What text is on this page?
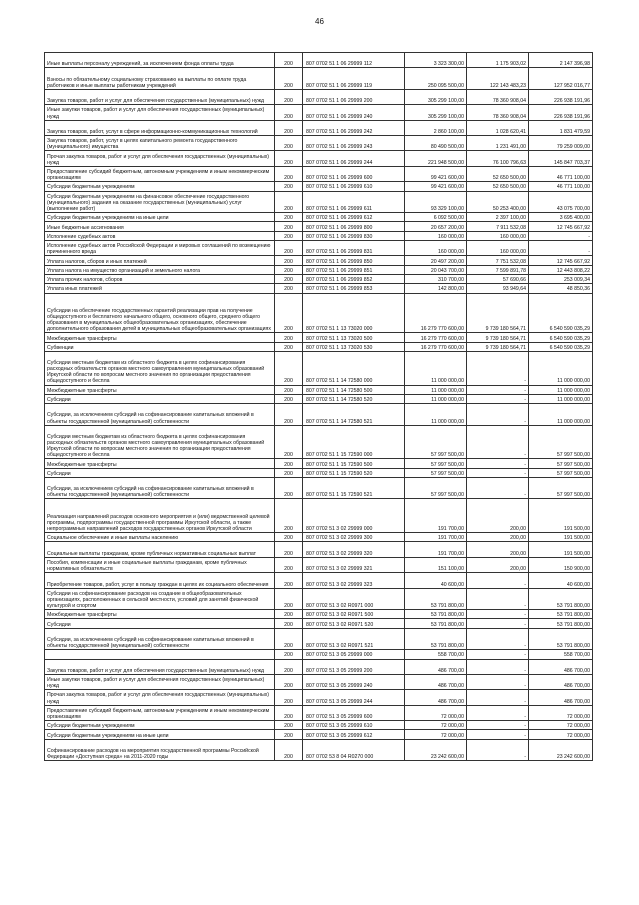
46
Иные выплаты персоналу учреждений, за исключением фонда оплаты труда	200	807 0702 51 1 06 29999 112	3 323 300,00	1 175 903,02	2 147 396,98
Взносы по обязательному социальному страхованию на выплаты по оплате труда работников и иные выплаты работникам учреждений	200	807 0702 51 1 06 29999 119	250 095 500,00	122 143 483,23	127 952 016,77
Закупка товаров, работ и услуг для обеспечения государственных (муниципальных) нужд	200	807 0702 51 1 06 29999 200	305 299 100,00	78 360 908,04	226 938 191,96
Иные закупки товаров, работ и услуг для обеспечения государственных (муниципальных) нужд	200	807 0702 51 1 06 29999 240	305 299 100,00	78 360 908,04	226 938 191,96
Закупка товаров, работ, услуг в сфере информационно-коммуникационных технологий	200	807 0702 51 1 06 29999 242	2 860 100,00	1 028 620,41	1 831 479,59
Закупка товаров, работ, услуг в целях капитального ремонта государственного (муниципального) имущества	200	807 0702 51 1 06 29999 243	80 490 500,00	1 231 491,00	79 259 009,00
Прочая закупка товаров, работ и услуг для обеспечения государственных (муниципальных) нужд	200	807 0702 51 1 06 29999 244	221 948 500,00	76 100 796,63	145 847 703,37
Предоставление субсидий бюджетным, автономным учреждениям и иным некоммерческим организациям	200	807 0702 51 1 06 29999 600	99 421 600,00	52 650 500,00	46 771 100,00
Субсидии бюджетным учреждениям	200	807 0702 51 1 06 29999 610	99 421 600,00	52 650 500,00	46 771 100,00
Субсидии бюджетным учреждениям на финансовое обеспечение государственного (муниципального) задания на оказание государственных (муниципальных) услуг (выполнение работ)	200	807 0702 51 1 06 29999 611	93 329 100,00	50 253 400,00	43 075 700,00
Субсидии бюджетным учреждениям на иные цели	200	807 0702 51 1 06 29999 612	6 092 500,00	2 397 100,00	3 695 400,00
Иные бюджетные ассигнования	200	807 0702 51 1 06 29999 800	20 657 200,00	7 911 532,08	12 745 667,92
Исполнение судебных актов	200	807 0702 51 1 06 29999 830	160 000,00	160 000,00	-
Исполнение судебных актов Российской Федерации и мировых соглашений по возмещению причиненного вреда	200	807 0702 51 1 06 29999 831	160 000,00	160 000,00	-
Уплата налогов, сборов и иных платежей	200	807 0702 51 1 06 29999 850	20 497 200,00	7 751 532,08	12 745 667,92
Уплата налога на имущество организаций и земельного налога	200	807 0702 51 1 06 29999 851	20 043 700,00	7 599 891,78	12 443 808,22
Уплата прочих налогов, сборов	200	807 0702 51 1 06 29999 852	310 700,00	57 690,66	253 009,34
Уплата иных платежей	200	807 0702 51 1 06 29999 853	142 800,00	93 949,64	48 850,36
Субсидии на обеспечение государственных гарантий реализации прав на получение общедоступного и бесплатного начального общего, основного общего, среднего общего образования в муниципальных общеобразовательных организациях, обеспечение дополнительного образования детей в муниципальных общеобразовательных организациях	200	807 0702 51 1 13 73020 000	16 279 770 600,00	9 739 180 564,71	6 540 590 035,29
Межбюджетные трансферты	200	807 0702 51 1 13 73020 500	16 279 770 600,00	9 739 180 564,71	6 540 590 035,29
Субвенции	200	807 0702 51 1 13 73020 530	16 279 770 600,00	9 739 180 564,71	6 540 590 035,29
Субсидии местным бюджетам из областного бюджета в целях софинансирования расходных обязательств органов местного самоуправления муниципальных образований Иркутской области по вопросам местного значения по организации предоставления общедоступного и беспла	200	807 0702 51 1 14 72580 000	11 000 000,00	-	11 000 000,00
Межбюджетные трансферты	200	807 0702 51 1 14 72580 500	11 000 000,00	-	11 000 000,00
Субсидии	200	807 0702 51 1 14 72580 520	11 000 000,00	-	11 000 000,00
Субсидии, за исключением субсидий на софинансирование капитальных вложений в объекты государственной (муниципальной) собственности	200	807 0702 51 1 14 72580 521	11 000 000,00	-	11 000 000,00
Субсидии местным бюджетам из областного бюджета в целях софинансирования расходных обязательств органов местного самоуправления муниципальных образований Иркутской области по вопросам местного значения по организации предоставления общедоступного и беспла	200	807 0702 51 1 15 72590 000	57 997 500,00	-	57 997 500,00
Межбюджетные трансферты	200	807 0702 51 1 15 72590 500	57 997 500,00	-	57 997 500,00
Субсидии	200	807 0702 51 1 15 72590 520	57 997 500,00	-	57 997 500,00
Субсидии, за исключением субсидий на софинансирование капитальных вложений в объекты государственной (муниципальной) собственности	200	807 0702 51 1 15 72590 521	57 997 500,00	-	57 997 500,00
Реализация направлений расходов основного мероприятия и (или) ведомственной целевой программы, подпрограммы государственной программы Иркутской области, а также непрограммных направлений расходов государственных органов Иркутской области	200	807 0702 51 3 02 29999 000	191 700,00	200,00	191 500,00
Социальное обеспечение и иные выплаты населению	200	807 0702 51 3 02 29999 300	191 700,00	200,00	191 500,00
Социальные выплаты гражданам, кроме публичных нормативных социальных выплат	200	807 0702 51 3 02 29999 320	191 700,00	200,00	191 500,00
Пособия, компенсации и иные социальные выплаты гражданам, кроме публичных нормативных обязательств	200	807 0702 51 3 02 29999 321	151 100,00	200,00	150 900,00
Приобретение товаров, работ, услуг в пользу граждан в целях их социального обеспечения	200	807 0702 51 3 02 29999 323	40 600,00	-	40 600,00
Субсидии на софинансирование расходов на создание в общеобразовательных организациях, расположенных в сельской местности, условий для занятий физической культурой и спортом	200	807 0702 51 3 02 R0971 000	53 791 800,00	-	53 791 800,00
Межбюджетные трансферты	200	807 0702 51 3 02 R0971 500	53 791 800,00	-	53 791 800,00
Субсидии	200	807 0702 51 3 02 R0971 520	53 791 800,00	-	53 791 800,00
Субсидии, за исключением субсидий на софинансирование капитальных вложений в объекты государственной (муниципальной) собственности	200	807 0702 51 3 02 R0971 521	53 791 800,00	-	53 791 800,00
	200	807 0702 51 3 05 29999 000	558 700,00	-	558 700,00
Закупка товаров, работ и услуг для обеспечения государственных (муниципальных) нужд	200	807 0702 51 3 05 29999 200	486 700,00	-	486 700,00
Иные закупки товаров, работ и услуг для обеспечения государственных (муниципальных) нужд	200	807 0702 51 3 05 29999 240	486 700,00	-	486 700,00
Прочая закупка товаров, работ и услуг для обеспечения государственных (муниципальных) нужд	200	807 0702 51 3 05 29999 244	486 700,00	-	486 700,00
Предоставление субсидий бюджетным, автономным учреждениям и иным некоммерческим организациям	200	807 0702 51 3 05 29999 600	72 000,00	-	72 000,00
Субсидии бюджетным учреждениям	200	807 0702 51 3 05 29999 610	72 000,00	-	72 000,00
Субсидии бюджетным учреждениям на иные цели	200	807 0702 51 3 05 29999 612	72 000,00	-	72 000,00
Софинансирование расходов на мероприятия государственной программы Российской Федерации «Доступная среда» на 2011-2020 годы	200	807 0702 53 8 04 R0270 000	23 242 600,00	-	23 242 600,00
